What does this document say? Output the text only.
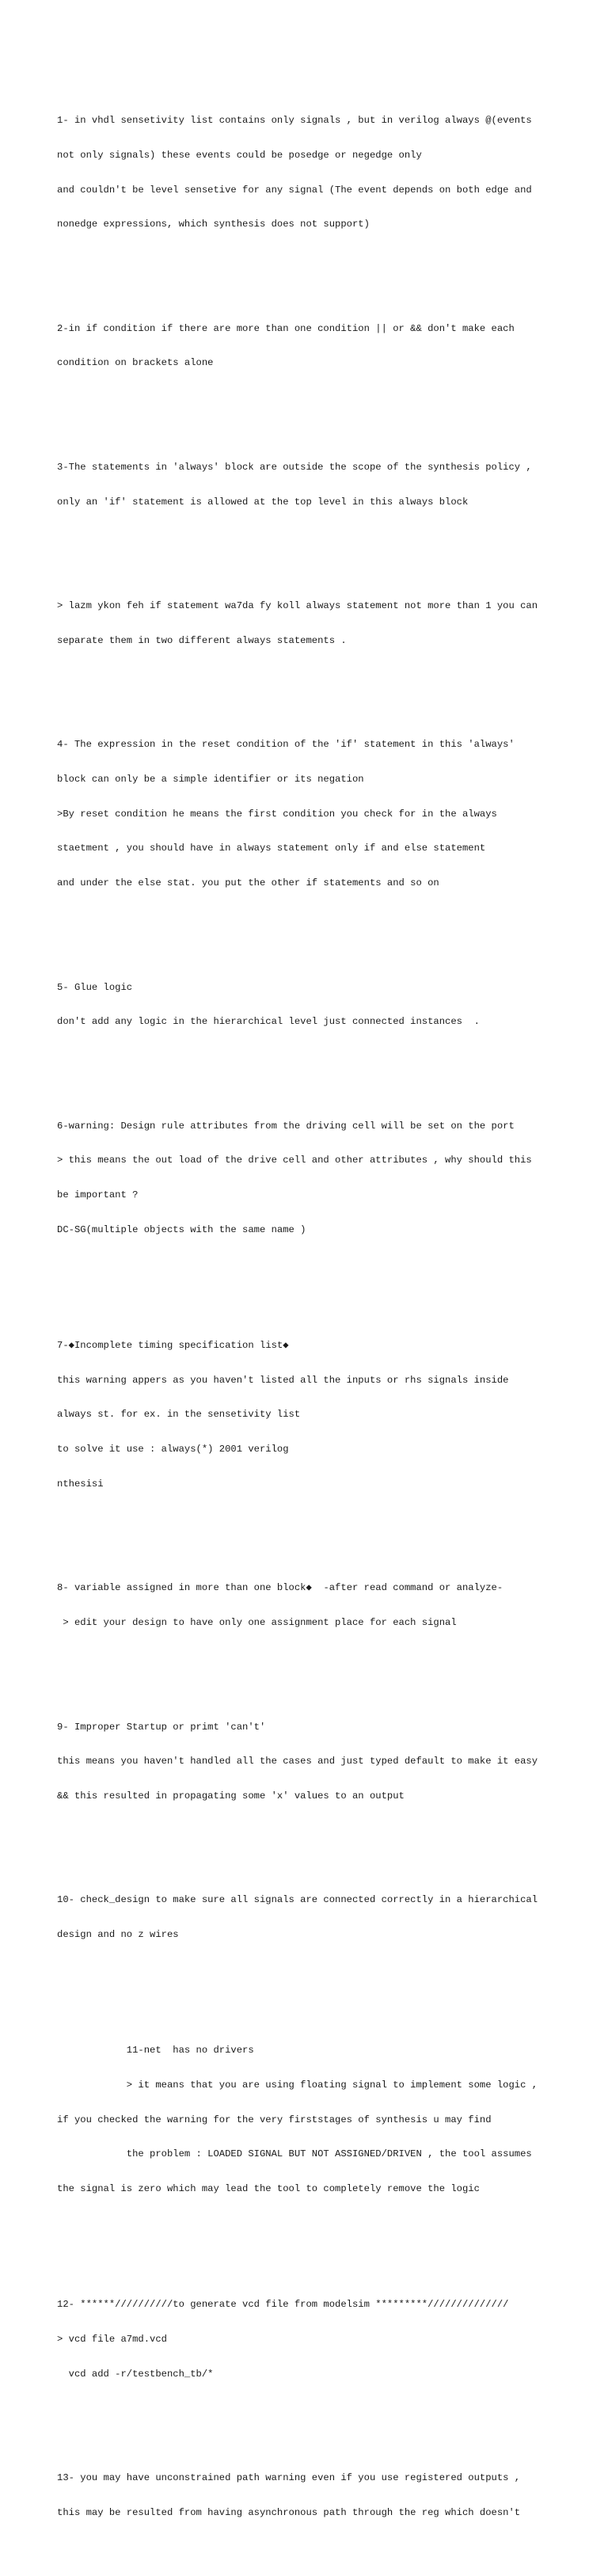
1- in vhdl sensetivity list contains only signals , but in verilog always @(events

not only signals) these events could be posedge or negedge only

and couldn't be level sensetive for any signal (The event depends on both edge and

nonedge expressions, which synthesis does not support)

2-in if condition if there are more than one condition || or && don't make each

condition on brackets alone

3-The statements in 'always' block are outside the scope of the synthesis policy ,

only an 'if' statement is allowed at the top level in this always block

> lazm ykon feh if statement wa7da fy koll always statement not more than 1 you can

separate them in two different always statements .

4- The expression in the reset condition of the 'if' statement in this 'always'

block can only be a simple identifier or its negation

>By reset condition he means the first condition you check for in the always

staetment , you should have in always statement only if and else statement

and under the else stat. you put the other if statements and so on

5- Glue logic

don't add any logic in the hierarchical level just connected instances  .

6-warning: Design rule attributes from the driving cell will be set on the port

> this means the out load of the drive cell and other attributes , why should this

be important ?

DC-SG(multiple objects with the same name )

7-◆Incomplete timing specification list◆

this warning appers as you haven't listed all the inputs or rhs signals inside

always st. for ex. in the sensetivity list

to solve it use : always(*) 2001 verilog

nthesisi

8- variable assigned in more than one block◆  -after read command or analyze-

> edit your design to have only one assignment place for each signal

9- Improper Startup or primt 'can't'

this means you haven't handled all the cases and just typed default to make it easy

&& this resulted in propagating some 'x' values to an output

10- check_design to make sure all signals are connected correctly in a hierarchical

design and no z wires

11-net  has no drivers

> it means that you are using floating signal to implement some logic ,

if you checked the warning for the very firststages of synthesis u may find

the problem : LOADED SIGNAL BUT NOT ASSIGNED/DRIVEN , the tool assumes

the signal is zero which may lead the tool to completely remove the logic

12- ******//////////to generate vcd file from modelsim *********//////////////

> vcd file a7md.vcd

vcd add -r/testbench_tb/*

13- you may have unconstrained path warning even if you use registered outputs ,

this may be resulted from having asynchronous path through the reg which doesn't
